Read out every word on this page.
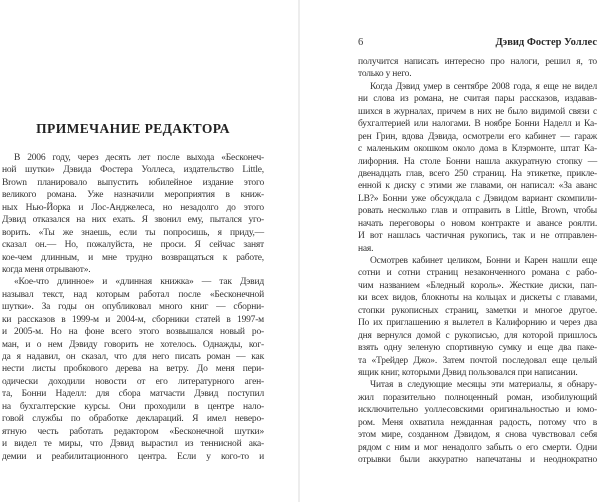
ПРИМЕЧАНИЕ РЕДАКТОРА
В 2006 году, через десять лет после выхода «Бесконеч-
ной шутки» Дэвида Фостера Уоллеса, издательство Little,
Brown планировало выпустить юбилейное издание этого
великого романа. Уже назначили мероприятия в книж-
ных Нью-Йорка и Лос-Анджелеса, но незадолго до этого
Дэвид отказался на них ехать. Я звонил ему, пытался уго-
ворить. «Ты же знаешь, если ты попросишь, я приду,—
сказал он.— Но, пожалуйста, не проси. Я сейчас занят
кое-чем длинным, и мне трудно возвращаться к работе,
когда меня отрывают».
«Кое-что длинное» и «длинная книжка» — так Дэвид
называл текст, над которым работал после «Бесконечной
шутки». За годы он опубликовал много книг — сборни-
ки рассказов в 1999-м и 2004-м, сборники статей в 1997-м
и 2005-м. Но на фоне всего этого возвышался новый ро-
ман, и о нем Дэвиду говорить не хотелось. Однажды, ког-
да я надавил, он сказал, что для него писать роман — как
нести листы пробкового дерева на ветру. До меня пери-
одически доходили новости от его литературного аген-
та, Бонни Наделл: для сбора матчасти Дэвид поступил
на бухгалтерские курсы. Они проходили в центре нало-
говой службы по обработке деклараций. Я имел неверо-
ятную честь работать редактором «Бесконечной шутки»
и видел те миры, что Дэвид вырастил из теннисной ака-
демии и реабилитационного центра. Если у кого-то и
6	Дэвид Фостер Уоллес
получится написать интересно про налоги, решил я, то
только у него.
Когда Дэвид умер в сентябре 2008 года, я еще не видел
ни слова из романа, не считая пары рассказов, издавав-
шихся в журналах, причем в них не было видимой связи с
бухгалтерией или налогами. В ноябре Бонни Наделл и Ка-
рен Грин, вдова Дэвида, осмотрели его кабинет — гараж
с маленьким окошком около дома в Клэрмонте, штат Ка-
лифорния. На столе Бонни нашла аккуратную стопку —
двенадцать глав, всего 250 страниц. На этикетке, прикле-
енной к диску с этими же главами, он написал: «За аванс
LB?» Бонни уже обсуждала с Дэвидом вариант скомпили-
ровать несколько глав и отправить в Little, Brown, чтобы
начать переговоры о новом контракте и авансе роялти.
И вот нашлась частичная рукопись, так и не отправлен-
ная.
Осмотрев кабинет целиком, Бонни и Карен нашли еще
сотни и сотни страниц незаконченного романа с рабо-
чим названием «Бледный король». Жесткие диски, пап-
ки всех видов, блокноты на кольцах и дискеты с главами,
стопки рукописных страниц, заметки и многое другое.
По их приглашению я вылетел в Калифорнию и через два
дня вернулся домой с рукописью, для которой пришлось
взять одну зеленую спортивную сумку и еще два паке-
та «Трейдер Джо». Затем почтой последовал еще целый
ящик книг, которыми Дэвид пользовался при написании.
Читая в следующие месяцы эти материалы, я обнару-
жил поразительно полноценный роман, изобилующий
исключительно уоллесовскими оригинальностью и юмо-
ром. Меня охватила нежданная радость, потому что в
этом мире, созданном Дэвидом, я снова чувствовал себя
рядом с ним и мог ненадолго забыть о его смерти. Одни
отрывки были аккуратно напечатаны и неоднократно
